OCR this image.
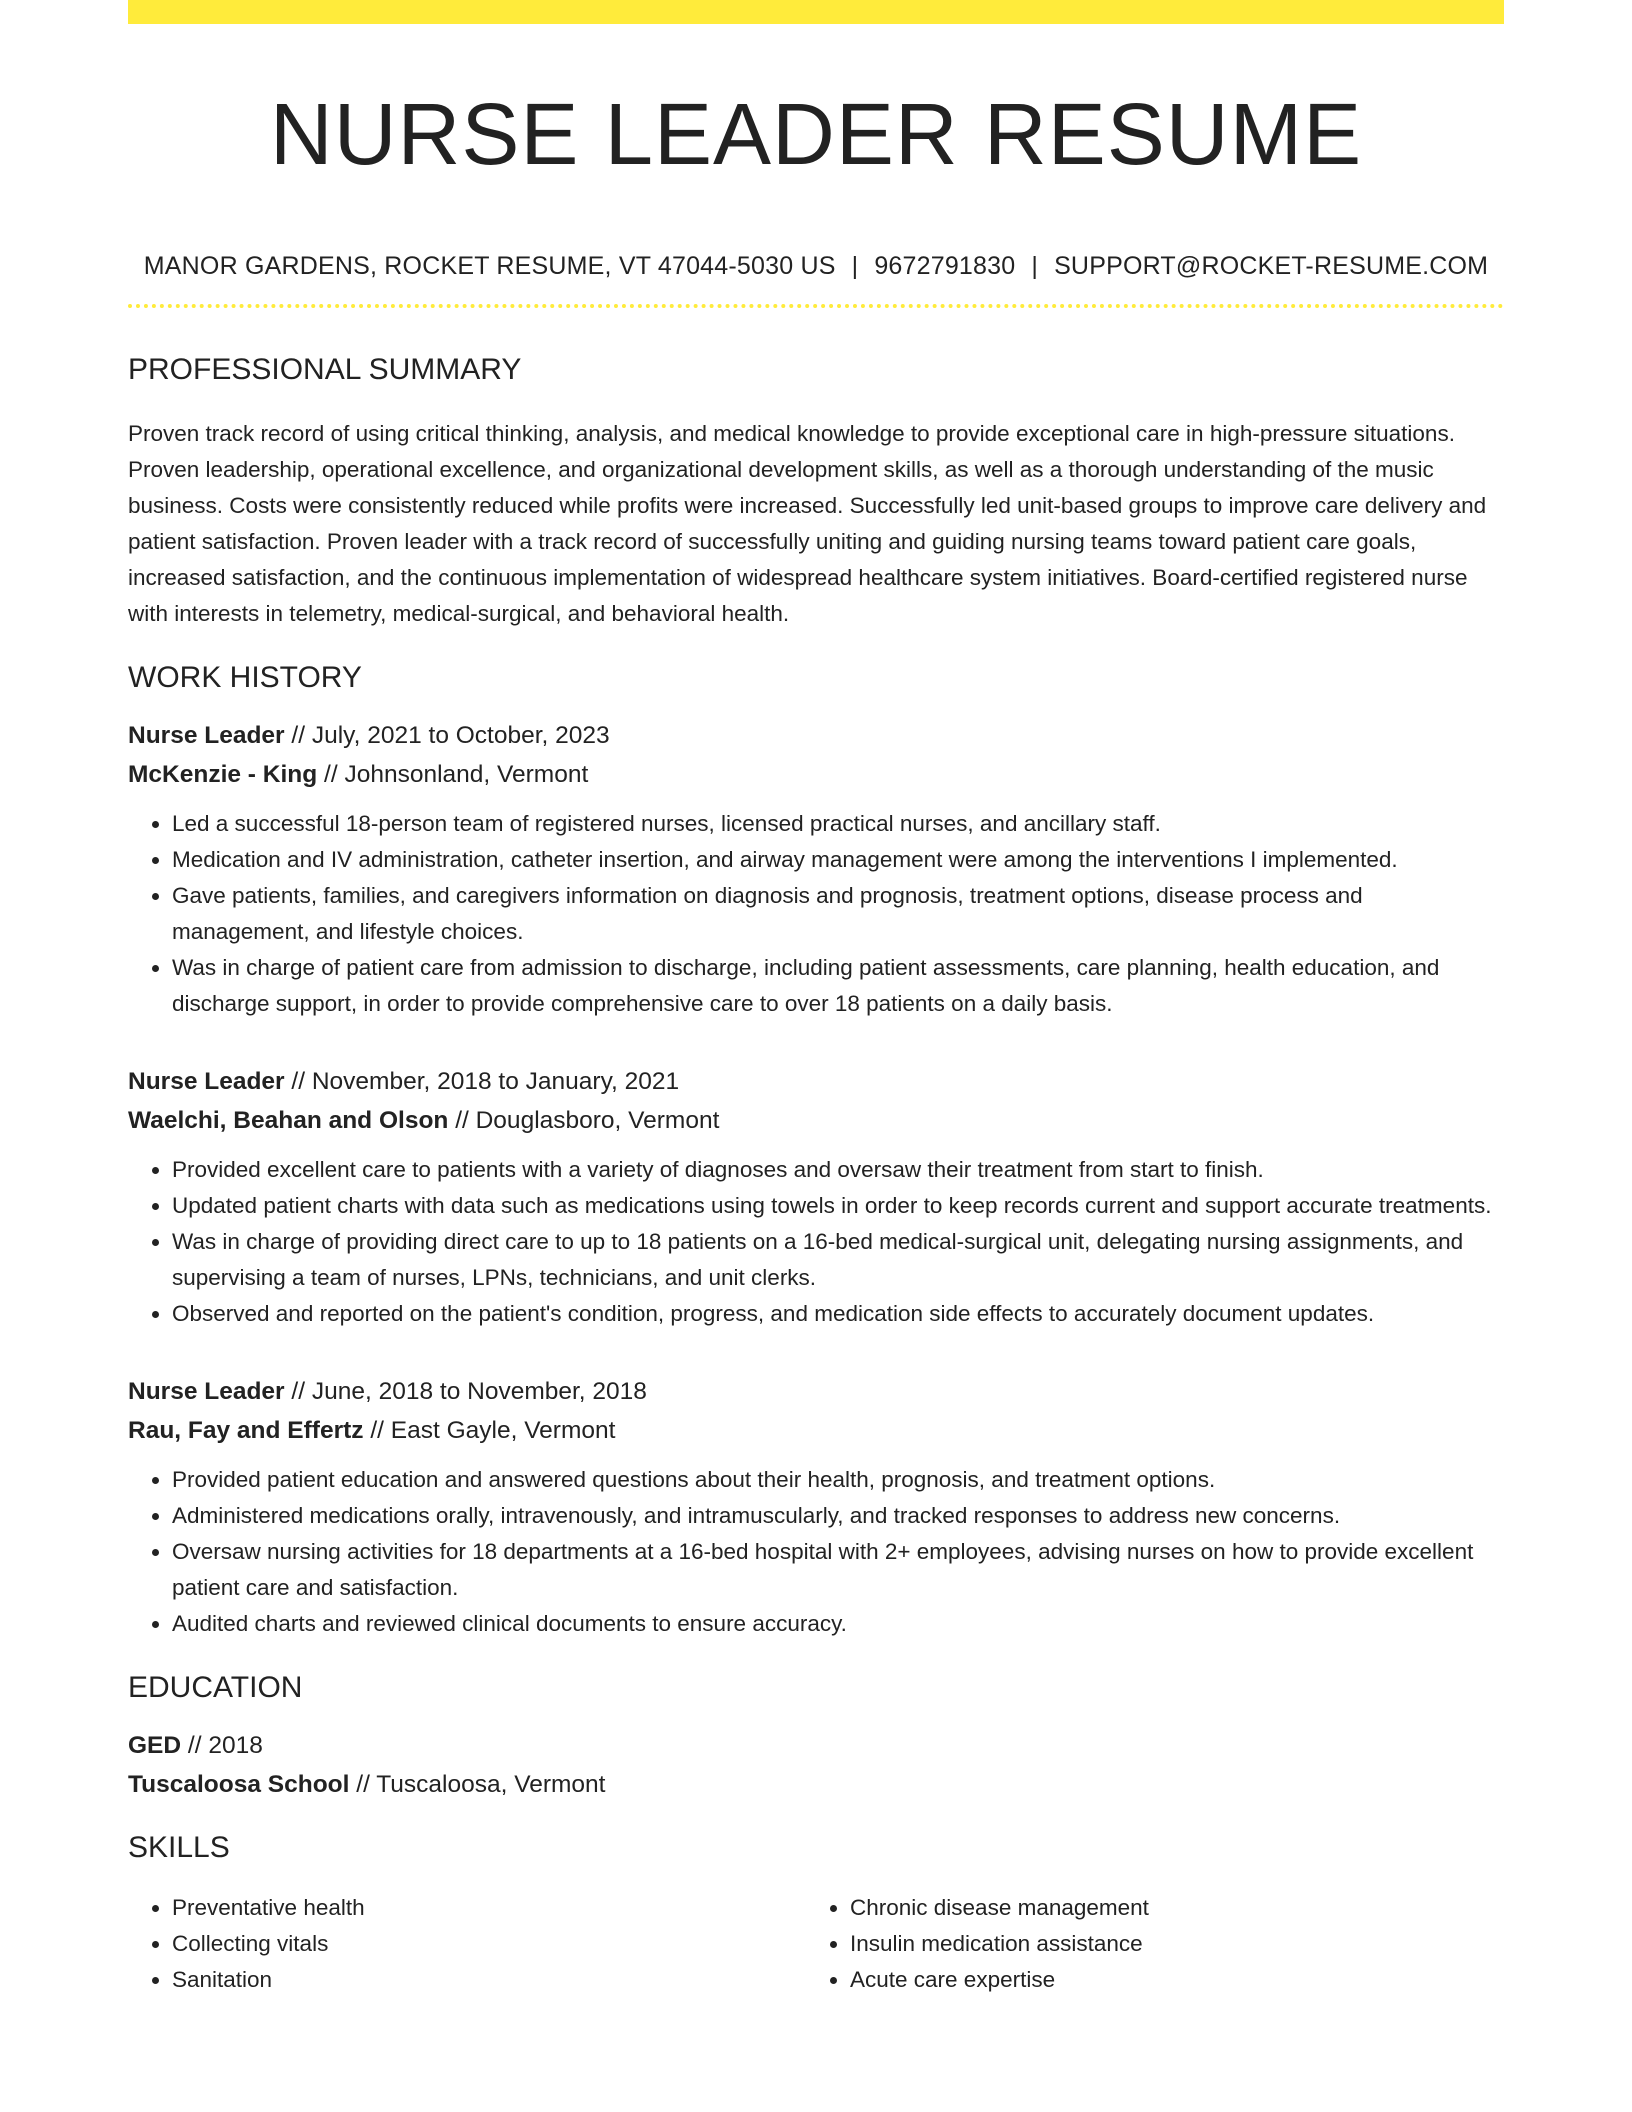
NURSE LEADER RESUME
MANOR GARDENS, ROCKET RESUME, VT 47044-5030 US | 9672791830 | SUPPORT@ROCKET-RESUME.COM
PROFESSIONAL SUMMARY
Proven track record of using critical thinking, analysis, and medical knowledge to provide exceptional care in high-pressure situations. Proven leadership, operational excellence, and organizational development skills, as well as a thorough understanding of the music business. Costs were consistently reduced while profits were increased. Successfully led unit-based groups to improve care delivery and patient satisfaction. Proven leader with a track record of successfully uniting and guiding nursing teams toward patient care goals, increased satisfaction, and the continuous implementation of widespread healthcare system initiatives. Board-certified registered nurse with interests in telemetry, medical-surgical, and behavioral health.
WORK HISTORY
Nurse Leader // July, 2021 to October, 2023
McKenzie - King // Johnsonland, Vermont
• Led a successful 18-person team of registered nurses, licensed practical nurses, and ancillary staff.
• Medication and IV administration, catheter insertion, and airway management were among the interventions I implemented.
• Gave patients, families, and caregivers information on diagnosis and prognosis, treatment options, disease process and management, and lifestyle choices.
• Was in charge of patient care from admission to discharge, including patient assessments, care planning, health education, and discharge support, in order to provide comprehensive care to over 18 patients on a daily basis.
Nurse Leader // November, 2018 to January, 2021
Waelchi, Beahan and Olson // Douglasboro, Vermont
• Provided excellent care to patients with a variety of diagnoses and oversaw their treatment from start to finish.
• Updated patient charts with data such as medications using towels in order to keep records current and support accurate treatments.
• Was in charge of providing direct care to up to 18 patients on a 16-bed medical-surgical unit, delegating nursing assignments, and supervising a team of nurses, LPNs, technicians, and unit clerks.
• Observed and reported on the patient's condition, progress, and medication side effects to accurately document updates.
Nurse Leader // June, 2018 to November, 2018
Rau, Fay and Effertz // East Gayle, Vermont
• Provided patient education and answered questions about their health, prognosis, and treatment options.
• Administered medications orally, intravenously, and intramuscularly, and tracked responses to address new concerns.
• Oversaw nursing activities for 18 departments at a 16-bed hospital with 2+ employees, advising nurses on how to provide excellent patient care and satisfaction.
• Audited charts and reviewed clinical documents to ensure accuracy.
EDUCATION
GED // 2018
Tuscaloosa School // Tuscaloosa, Vermont
SKILLS
• Preventative health
• Collecting vitals
• Sanitation
• Chronic disease management
• Insulin medication assistance
• Acute care expertise
